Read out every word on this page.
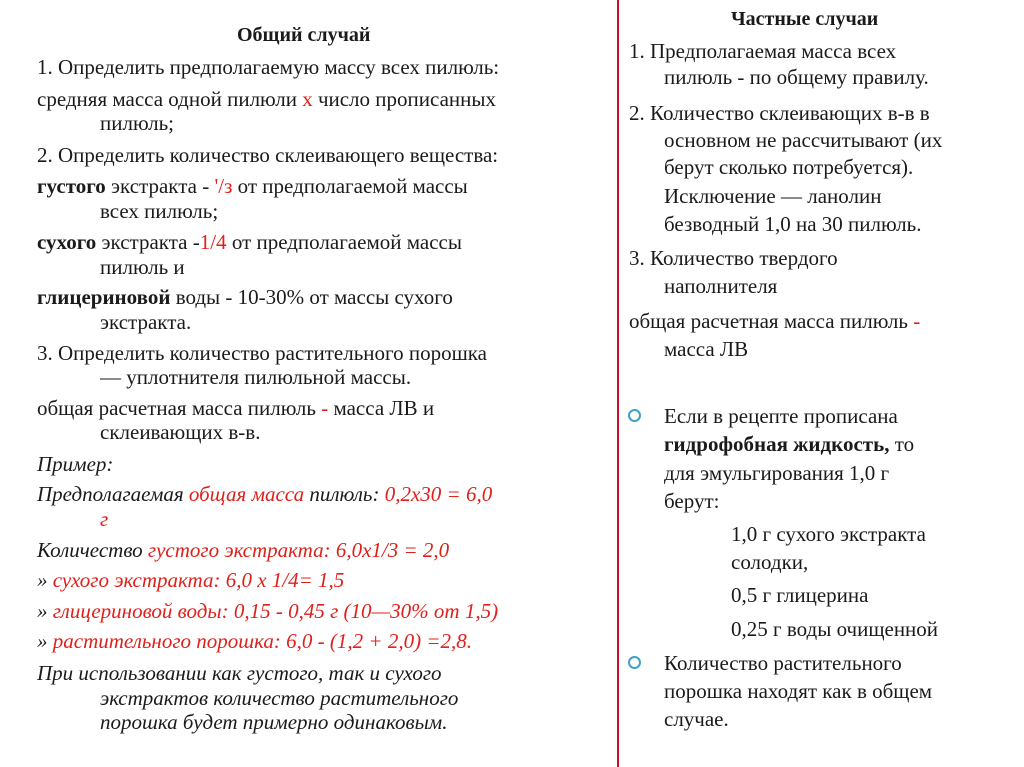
Общий случай
1. Определить предполагаемую массу всех пилюль:
средняя масса одной пилюли х число прописанных
пилюль;
2. Определить количество склеивающего вещества:
густого экстракта - '/з от предполагаемой массы
всех пилюль;
сухого экстракта -1/4 от предполагаемой массы
пилюль и
глицериновой воды - 10-30% от массы сухого
экстракта.
3. Определить количество растительного порошка
— уплотнителя пилюльной массы.
общая расчетная масса пилюль - масса ЛВ и
склеивающих в-в.
Пример:
Предполагаемая общая масса пилюль: 0,2х30 = 6,0
г
Количество густого экстракта: 6,0х1/3 = 2,0
» сухого экстракта: 6,0 х 1/4= 1,5
» глицериновой воды: 0,15 - 0,45 г (10—30% от 1,5)
» растительного порошка: 6,0 - (1,2 + 2,0) =2,8.
При использовании как густого, так и сухого
экстрактов количество растительного
порошка будет примерно одинаковым.
Частные случаи
1. Предполагаемая масса всех
пилюль - по общему правилу.
2. Количество склеивающих в-в в
основном не рассчитывают (их
берут сколько потребуется).
Исключение — ланолин
безводный 1,0 на 30 пилюль.
3. Количество твердого
наполнителя
общая расчетная масса пилюль -
масса ЛВ
Если в рецепте прописана
гидрофобная жидкость, то
для эмульгирования 1,0 г
берут:
1,0 г сухого экстракта
солодки,
0,5 г глицерина
0,25 г воды очищенной
Количество растительного
порошка находят как в общем
случае.
